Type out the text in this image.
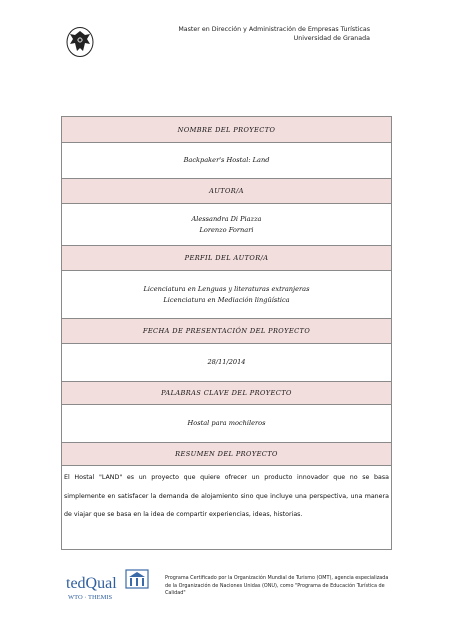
Master en Dirección y Administración de Empresas Turísticas
Universidad de Granada
NOMBRE DEL PROYECTO
Backpaker's Hostal: Land
AUTOR/A
Alessandra Di Piazza
Lorenzo Fornari
PERFIL DEL AUTOR/A
Licenciatura en Lenguas y literaturas extranjeras
Licenciatura en Mediación lingüística
FECHA DE PRESENTACIÓN DEL PROYECTO
28/11/2014
PALABRAS CLAVE DEL PROYECTO
Hostal para mochileros
RESUMEN DEL PROYECTO
El Hostal "LAND" es un proyecto que quiere ofrecer un producto innovador que no se basa simplemente en satisfacer la demanda de alojamiento sino que incluye una perspectiva, una manera de viajar que se basa en la idea de compartir experiencias, ideas, historias.
tedQual
WTO · THEMIS
Programa Certificado por la Organización Mundial de Turismo (OMT), agencia especializada de la Organización de Naciones Unidas (ONU), como "Programa de Educación Turística de Calidad"
